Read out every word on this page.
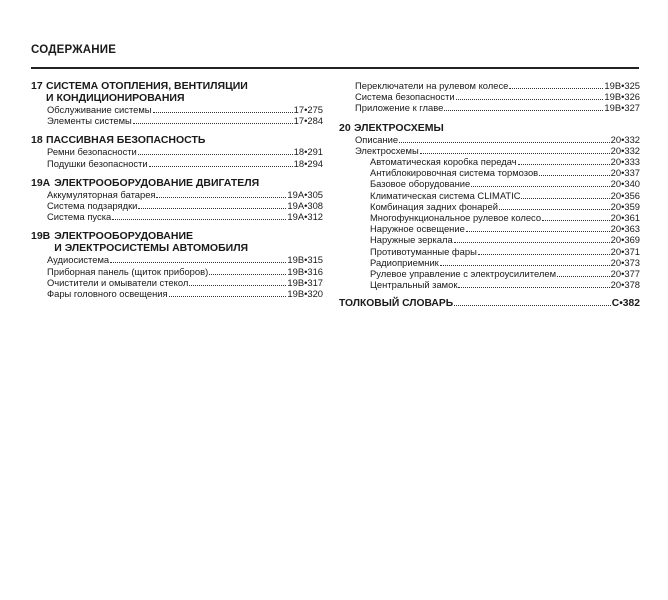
СОДЕРЖАНИЕ
17 СИСТЕМА ОТОПЛЕНИЯ, ВЕНТИЛЯЦИИ
И КОНДИЦИОНИРОВАНИЯ
Обслуживание системы	17•275
Элементы системы	17•284
18 ПАССИВНАЯ БЕЗОПАСНОСТЬ
Ремни безопасности	18•291
Подушки безопасности	18•294
19A ЭЛЕКТРООБОРУДОВАНИЕ ДВИГАТЕЛЯ
Аккумуляторная батарея	19A•305
Система подзарядки	19A•308
Система пуска	19A•312
19B ЭЛЕКТРООБОРУДОВАНИЕ
И ЭЛЕКТРОСИСТЕМЫ АВТОМОБИЛЯ
Аудиосистема	19B•315
Приборная панель (щиток приборов)	19B•316
Очистители и омыватели стекол	19B•317
Фары головного освещения	19B•320
Переключатели на рулевом колесе	19B•325
Система безопасности	19B•326
Приложение к главе	19B•327
20 ЭЛЕКТРОСХЕМЫ
Описание	20•332
Электросхемы	20•332
Автоматическая коробка передач	20•333
Антиблокировочная система тормозов	20•337
Базовое оборудование	20•340
Климатическая система CLIMATIC	20•356
Комбинация задних фонарей	20•359
Многофункциональное рулевое колесо	20•361
Наружное освещение	20•363
Наружные зеркала	20•369
Противотуманные фары	20•371
Радиоприемник	20•373
Рулевое управление с электроусилителем	20•377
Центральный замок	20•378
ТОЛКОВЫЙ СЛОВАРЬ	С•382
